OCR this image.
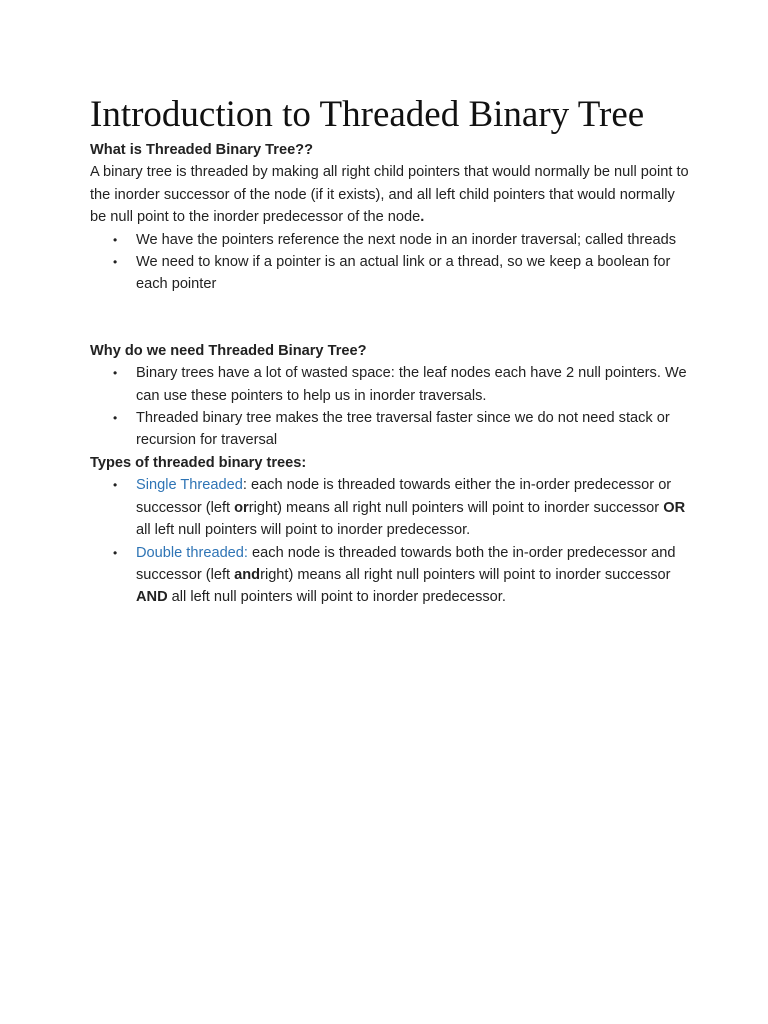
Introduction to Threaded Binary Tree

What is Threaded Binary Tree??

A binary tree is threaded by making all right child pointers that would normally be null point to the inorder successor of the node (if it exists), and all left child pointers that would normally be null point to the inorder predecessor of the node.

• We have the pointers reference the next node in an inorder traversal; called threads
• We need to know if a pointer is an actual link or a thread, so we keep a boolean for each pointer

Why do we need Threaded Binary Tree?

• Binary trees have a lot of wasted space: the leaf nodes each have 2 null pointers. We can use these pointers to help us in inorder traversals.
• Threaded binary tree makes the tree traversal faster since we do not need stack or recursion for traversal

Types of threaded binary trees:

• Single Threaded: each node is threaded towards either the in-order predecessor or successor (left orright) means all right null pointers will point to inorder successor OR all left null pointers will point to inorder predecessor.
• Double threaded: each node is threaded towards both the in-order predecessor and successor (left andright) means all right null pointers will point to inorder successor AND all left null pointers will point to inorder predecessor.
